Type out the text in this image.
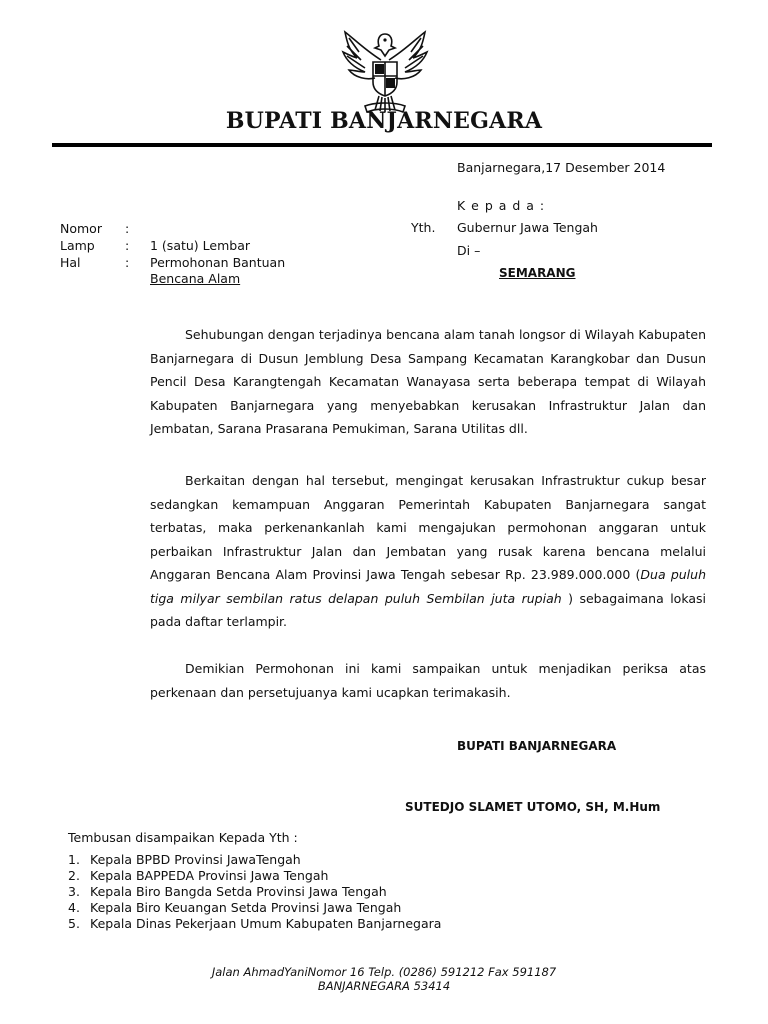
BUPATI BANJARNEGARA
Banjarnegara,17 Desember 2014
K e p a d a :
Yth. Gubernur Jawa Tengah
Di –
SEMARANG
Nomor :
Lamp : 1 (satu) Lembar
Hal	: Permohonan Bantuan
Bencana Alam

Sehubungan dengan terjadinya bencana alam tanah longsor di Wilayah Kabupaten Banjarnegara di Dusun Jemblung Desa Sampang Kecamatan Karangkobar dan Dusun Pencil Desa Karangtengah Kecamatan Wanayasa serta beberapa tempat di Wilayah Kabupaten Banjarnegara yang menyebabkan kerusakan Infrastruktur Jalan dan Jembatan, Sarana Prasarana Pemukiman, Sarana Utilitas dll.

Berkaitan dengan hal tersebut, mengingat kerusakan Infrastruktur cukup besar sedangkan kemampuan Anggaran Pemerintah Kabupaten Banjarnegara sangat terbatas, maka perkenankanlah kami mengajukan permohonan anggaran untuk perbaikan Infrastruktur Jalan dan Jembatan yang rusak karena bencana melalui Anggaran Bencana Alam Provinsi Jawa Tengah sebesar Rp. 23.989.000.000 (Dua puluh tiga milyar sembilan ratus delapan puluh Sembilan juta rupiah ) sebagaimana lokasi pada daftar terlampir.

Demikian Permohonan ini kami sampaikan untuk menjadikan periksa atas perkenaan dan persetujuanya kami ucapkan terimakasih.

BUPATI BANJARNEGARA
SUTEDJO SLAMET UTOMO, SH, M.Hum
Tembusan disampaikan Kepada Yth :
1. Kepala BPBD Provinsi JawaTengah
2. Kepala BAPPEDA Provinsi Jawa Tengah
3. Kepala Biro Bangda Setda Provinsi Jawa Tengah
4. Kepala Biro Keuangan Setda Provinsi Jawa Tengah
5. Kepala Dinas Pekerjaan Umum Kabupaten Banjarnegara
Jalan AhmadYaniNomor 16 Telp. (0286) 591212 Fax 591187
BANJARNEGARA 53414
